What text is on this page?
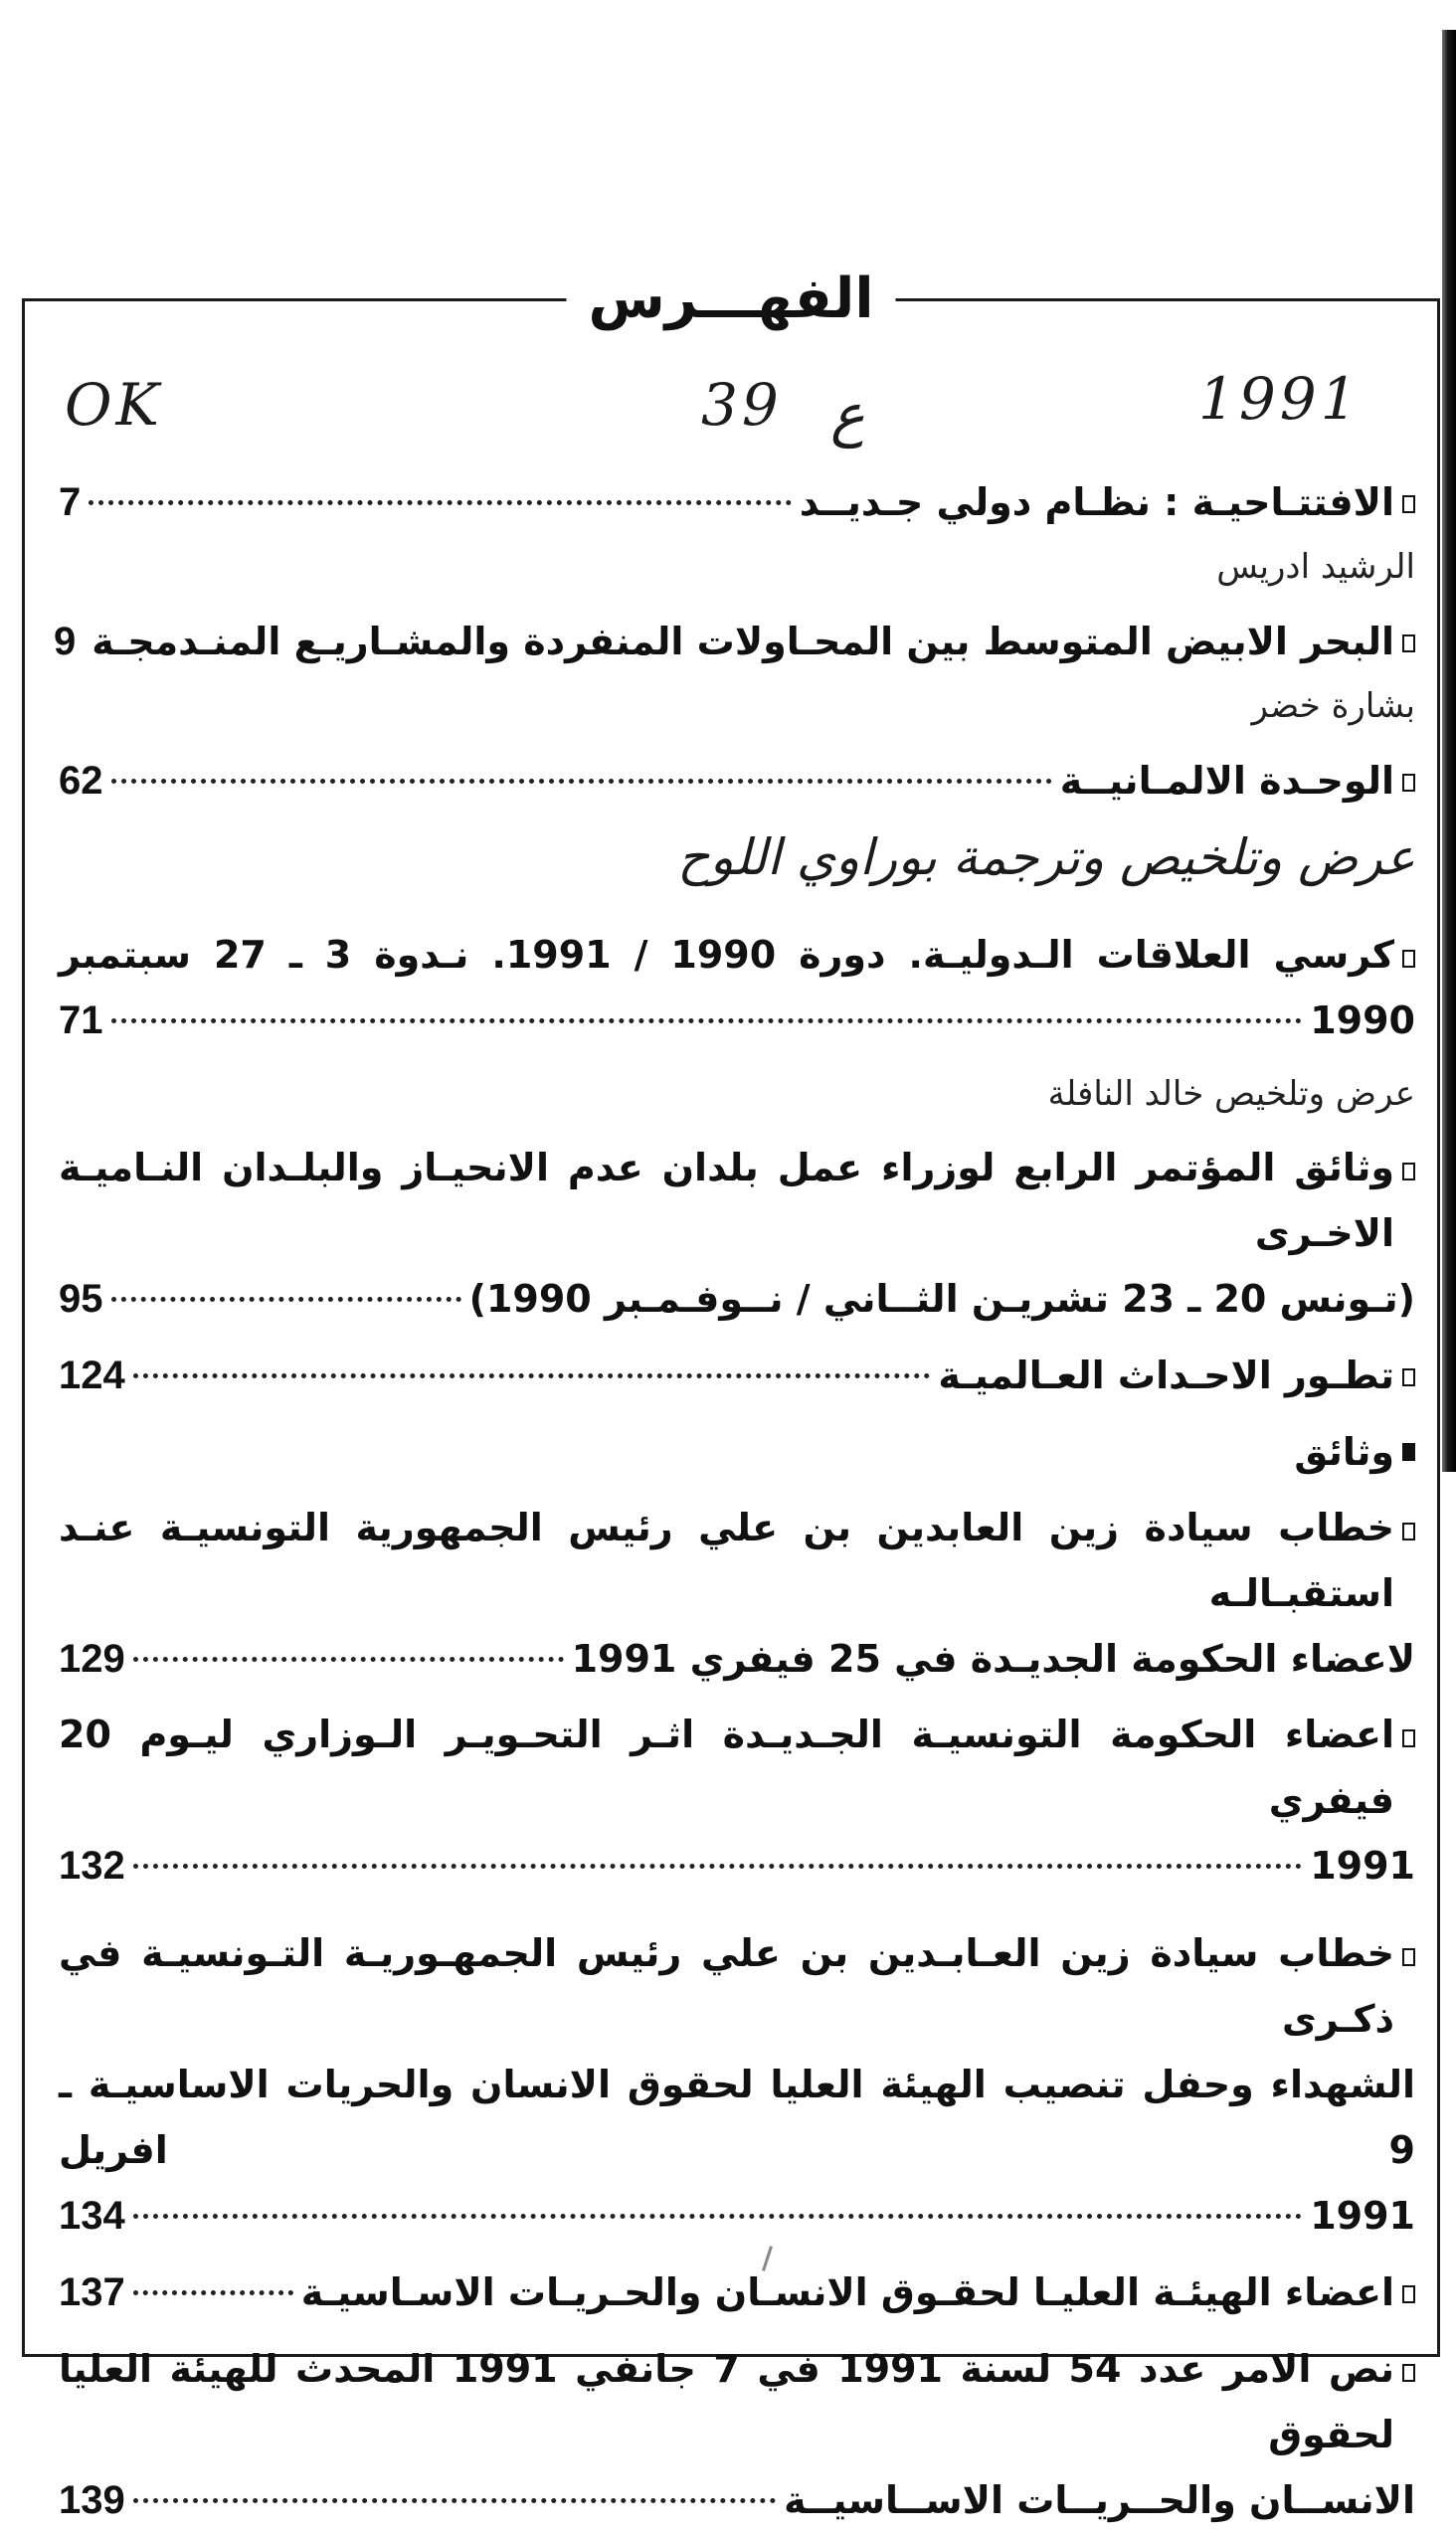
الفهـــرس
OK	39 ع	1991
الافتتـاحيـة : نظـام دولي جـديــد
7
الرشيد ادريس
البحر الابيض المتوسط بين المحـاولات المنفردة والمشـاريـع المنـدمجـة
9
بشارة خضر
الوحـدة الالمـانيــة
62
عرض وتلخيص وترجمة بوراوي اللوح
كرسي العلاقات الـدوليـة. دورة 1990 / 1991. نـدوة 3 ـ 27 سبتمبر
1990
71
عرض وتلخيص خالد النافلة
وثائق المؤتمر الرابع لوزراء عمل بلدان عدم الانحيـاز والبلـدان النـاميـة الاخـرى
(تـونس 20 ـ 23 تشريـن الثــاني / نــوفـمـبر 1990)
95
تطـور الاحـداث العـالميـة
124
وثائق
خطاب سيادة زين العابدين بن علي رئيس الجمهورية التونسيـة عنـد استقبـالـه
لاعضاء الحكومة الجديـدة في 25 فيفري 1991
129
اعضاء الحكومة التونسيـة الجـديـدة اثـر التحـويـر الـوزاري ليـوم 20 فيفري
1991
132
خطاب سيادة زين العـابـدين بن علي رئيس الجمهـوريـة التـونسيـة في ذكـرى
الشهداء وحفل تنصيب الهيئة العليا لحقوق الانسان والحريات الاساسيـة ـ 9 افريل
1991
134
اعضاء الهيئـة العليـا لحقـوق الانسـان والحـريـات الاسـاسيـة
137
نص الامر عدد 54 لسنة 1991 في 7 جانفي 1991 المحدث للهيئة العليا لحقوق
الانســان والحــريــات الاســاسيــة
139
